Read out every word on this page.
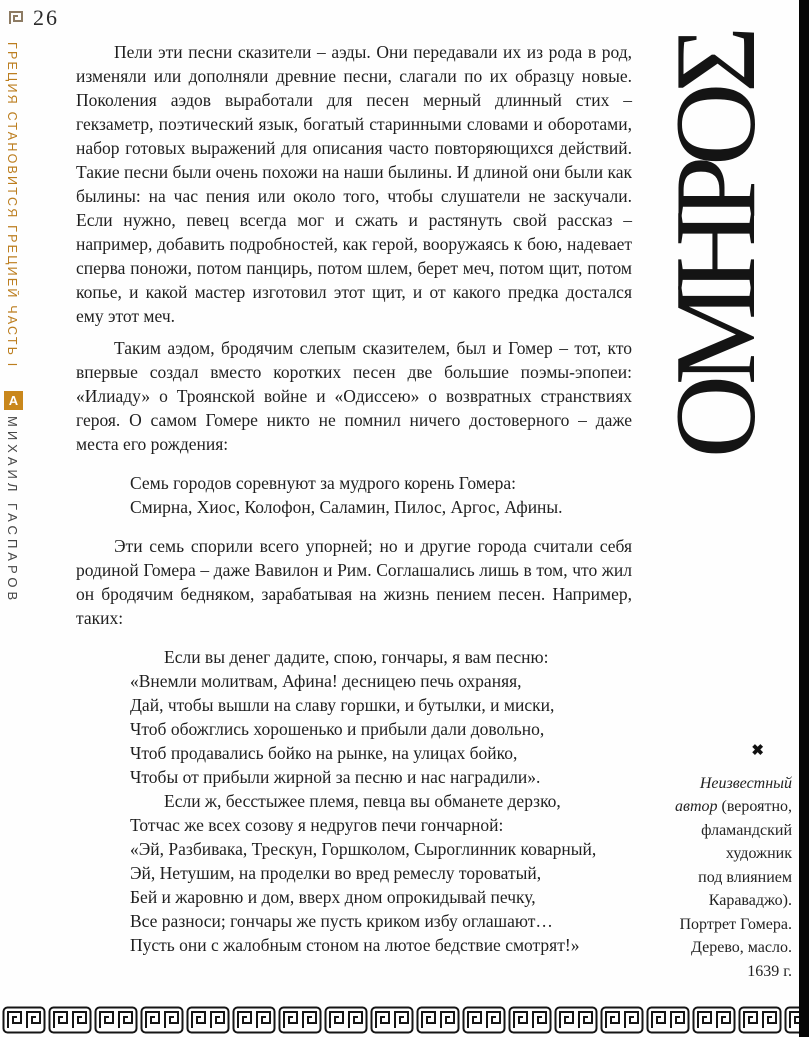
26
ГРЕЦИЯ СТАНОВИТСЯ ГРЕЦИЕЙ ЧАСТЬ I
А
МИХАИЛ ГАСПАРОВ

Пели эти песни сказители – аэды. Они передавали их из рода в род, изменяли или дополняли древние песни, слагали по их образцу новые. Поколения аэдов выработали для песен мерный длинный стих – гекзаметр, поэтический язык, богатый старинными словами и оборотами, набор готовых выражений для описания часто повторяющихся действий. Такие песни были очень похожи на наши былины. И длиной они были как былины: на час пения или около того, чтобы слушатели не заскучали. Если нужно, певец всегда мог и сжать и растянуть свой рассказ – например, добавить подробностей, как герой, вооружаясь к бою, надевает сперва поножи, потом панцирь, потом шлем, берет меч, потом щит, потом копье, и какой мастер изготовил этот щит, и от какого предка достался ему этот меч.

Таким аэдом, бродячим слепым сказителем, был и Гомер – тот, кто впервые создал вместо коротких песен две большие поэмы-эпопеи: «Илиаду» о Троянской войне и «Одиссею» о возвратных странствиях героя. О самом Гомере никто не помнил ничего достоверного – даже места его рождения:

Семь городов соревнуют за мудрого корень Гомера:
Смирна, Хиос, Колофон, Саламин, Пилос, Аргос, Афины.

Эти семь спорили всего упорней; но и другие города считали себя родиной Гомера – даже Вавилон и Рим. Соглашались лишь в том, что жил он бродячим бедняком, зарабатывая на жизнь пением песен. Например, таких:

Если вы денег дадите, спою, гончары, я вам песню:
«Внемли молитвам, Афина! десницею печь охраняя,
Дай, чтобы вышли на славу горшки, и бутылки, и миски,
Чтоб обожглись хорошенько и прибыли дали довольно,
Чтоб продавались бойко на рынке, на улицах бойко,
Чтобы от прибыли жирной за песню и нас наградили».
Если ж, бесстыжее племя, певца вы обманете дерзко,
Тотчас же всех созову я недругов печи гончарной:
«Эй, Разбивака, Трескун, Горшколом, Сыроглинник коварный,
Эй, Нетушим, на проделки во вред ремеслу тороватый,
Бей и жаровню и дом, вверх дном опрокидывай печку,
Все разноси; гончары же пусть криком избу оглашают…
Пусть они с жалобным стоном на лютое бедствие смотрят!»
ΟΜΗΡΟΣ
✖
Неизвестный
автор (вероятно,
фламандский
художник
под влиянием
Караваджо).
Портрет Гомера.
Дерево, масло.
1639 г.
